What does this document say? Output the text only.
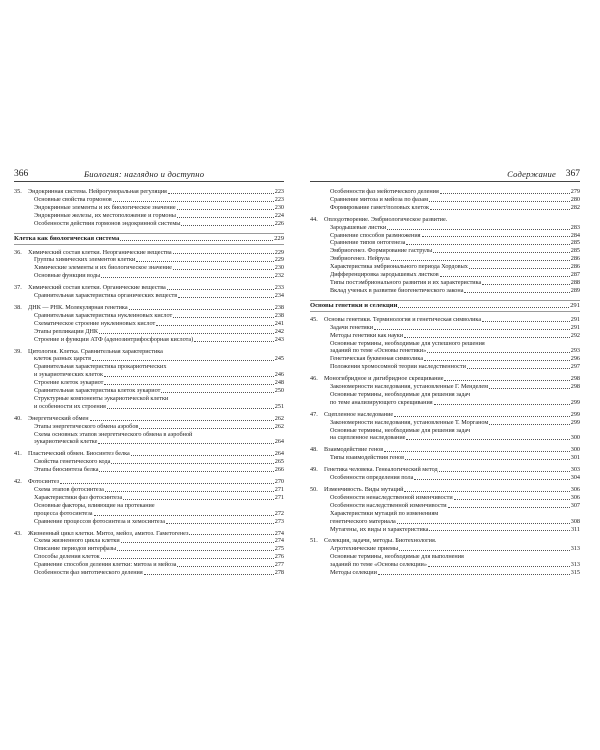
366	Биология: наглядно и доступно
35.	Эндокринная система. Нейрогуморальная регуляция	223
Основные свойства гормонов	223
Эндокринные элементы и их биологическое значение	230
Эндокринные железы, их местоположение и гормоны	224
Особенности действия гормонов эндокринной системы	226
Клетка как биологическая система	229
36.	Химический состав клетки. Неорганические вещества	229
Группы химических элементов клетки	229
Химические элементы и их биологическое значение	230
Основные функции воды	232
37.	Химический состав клетки. Органические вещества	233
Сравнительная характеристика органических веществ	234
38.	ДНК — РНК. Молекулярная генетика	238
Сравнительная характеристика нуклеиновых кислот	238
Схематическое строение нуклеиновых кислот	241
Этапы репликации ДНК	242
Строение и функции АТФ (аденозинтрифосфорная кислота)	243
39.	Цитология. Клетка. Сравнительная характеристика
клеток разных царств	245
Сравнительная характеристика прокариотических
и эукариотических клеток	246
Строение клеток эукариот	248
Сравнительная характеристика клеток эукариот	250
Структурные компоненты эукариотической клетки
и особенности их строения	251
40.	Энергетический обмен	262
Этапы энергетического обмена аэробов	262
Схема основных этапов энергетического обмена в аэробной
эукариотической клетке	264
41.	Пластический обмен. Биосинтез белка	264
Свойства генетического кода	265
Этапы биосинтеза белка	266
42.	Фотосинтез	270
Схема этапов фотосинтеза	271
Характеристики фаз фотосинтеза	271
Основные факторы, влияющие на протекание
процесса фотосинтеза	272
Сравнение процессов фотосинтеза и хемосинтеза	273
43.	Жизненный цикл клетки. Митоз, мейоз, амитоз. Гаметогенез	274
Схема жизненного цикла клетки	274
Описание периодов интерфазы	275
Способы деления клеток	276
Сравнение способов деления клетки: митоза и мейоза	277
Особенности фаз митотического деления	278
Содержание 367
Особенности фаз мейотического деления	279
Сравнение митоза и мейоза по фазам	280
Формирование гамет/половых клеток	282
44.	Оплодотворение. Эмбриологическое развитие.
Зародышевые листки	283
Сравнение способов размножения	284
Сравнение типов онтогенеза	285
Эмбриогенез. Формирование гаструлы	285
Эмбриогенез. Нейрула	286
Характеристика эмбрионального периода Хордовых	286
Дифференцировка зародышевых листков	287
Типы постэмбрионального развития и их характеристика	288
Вклад ученых в развитие биогенетического закона	289
Основы генетики и селекции	291
45.	Основы генетики. Терминология и генетическая символика	291
Задачи генетики	291
Методы генетики как науки	292
Основные термины, необходимые для успешного решения
заданий по теме «Основы генетики»	293
Генетическая буквенная символика	296
Положения хромосомной теории наследственности	297
46.	Моногибридное и дигибридное скрещивание	298
Закономерности наследования, установленные Г. Менделем	298
Основные термины, необходимые для решения задач
по теме анализирующего скрещивания	299
47.	Сцепленное наследование	299
Закономерности наследования, установленные Т. Морганом	299
Основные термины, необходимые для решения задач
на сцепленное наследование	300
48.	Взаимодействие генов	300
Типы взаимодействия генов	301
49.	Генетика человека. Генеалогический метод	303
Особенности определения пола	304
50.	Изменчивость. Виды мутаций	306
Особенности ненаследственной изменчивости	306
Особенности наследственной изменчивости	307
Характеристики мутаций по изменениям
генетического материала	308
Мутагены, их виды и характеристика	311
51.	Селекция, задачи, методы. Биотехнология.
Агротехнические приемы	313
Основные термины, необходимые для выполнения
заданий по теме «Основы селекции»	313
Методы селекции	315
